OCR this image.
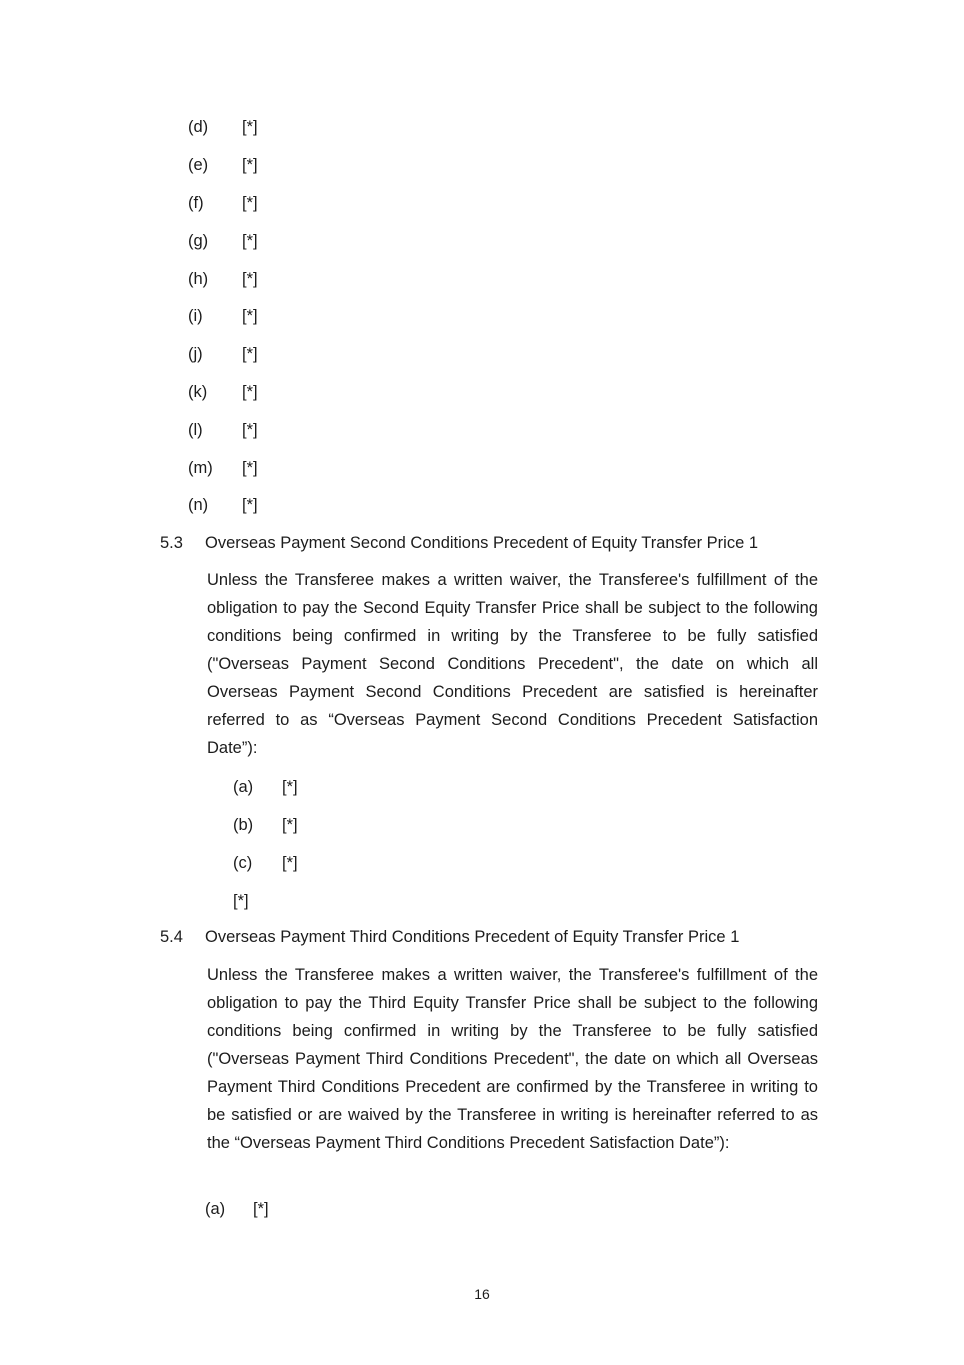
(d)	[*]
(e)	[*]
(f)	[*]
(g)	[*]
(h)	[*]
(i)	[*]
(j)	[*]
(k)	[*]
(l)	[*]
(m)	[*]
(n)	[*]
5.3	Overseas Payment Second Conditions Precedent of Equity Transfer Price 1
Unless the Transferee makes a written waiver, the Transferee's fulfillment of the obligation to pay the Second Equity Transfer Price shall be subject to the following conditions being confirmed in writing by the Transferee to be fully satisfied ("Overseas Payment Second Conditions Precedent", the date on which all Overseas Payment Second Conditions Precedent are satisfied is hereinafter referred to as “Overseas Payment Second Conditions Precedent Satisfaction Date”):
(a)	[*]
(b)	[*]
(c)	[*]
[*]
5.4	Overseas Payment Third Conditions Precedent of Equity Transfer Price 1
Unless the Transferee makes a written waiver, the Transferee's fulfillment of the obligation to pay the Third Equity Transfer Price shall be subject to the following conditions being confirmed in writing by the Transferee to be fully satisfied ("Overseas Payment Third Conditions Precedent", the date on which all Overseas Payment Third Conditions Precedent are confirmed by the Transferee in writing to be satisfied or are waived by the Transferee in writing is hereinafter referred to as the “Overseas Payment Third Conditions Precedent Satisfaction Date”):
(a)	[*]
16
